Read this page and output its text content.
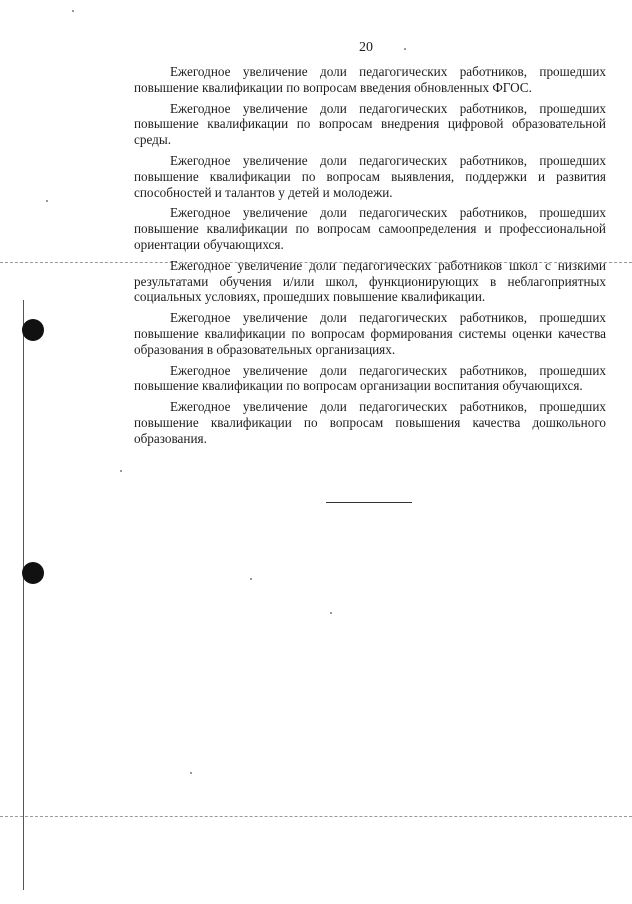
20

Ежегодное увеличение доли педагогических работников, прошедших повышение квалификации по вопросам введения обновленных ФГОС.

Ежегодное увеличение доли педагогических работников, прошедших повышение квалификации по вопросам внедрения цифровой образовательной среды.

Ежегодное увеличение доли педагогических работников, прошедших повышение квалификации по вопросам выявления, поддержки и развития способностей и талантов у детей и молодежи.

Ежегодное увеличение доли педагогических работников, прошедших повышение квалификации по вопросам самоопределения и профессиональной ориентации обучающихся.

Ежегодное увеличение доли педагогических работников школ с низкими результатами обучения и/или школ, функционирующих в неблагоприятных социальных условиях, прошедших повышение квалификации.

Ежегодное увеличение доли педагогических работников, прошедших повышение квалификации по вопросам формирования системы оценки качества образования в образовательных организациях.

Ежегодное увеличение доли педагогических работников, прошедших повышение квалификации по вопросам организации воспитания обучающихся.

Ежегодное увеличение доли педагогических работников, прошедших повышение квалификации по вопросам повышения качества дошкольного образования.
